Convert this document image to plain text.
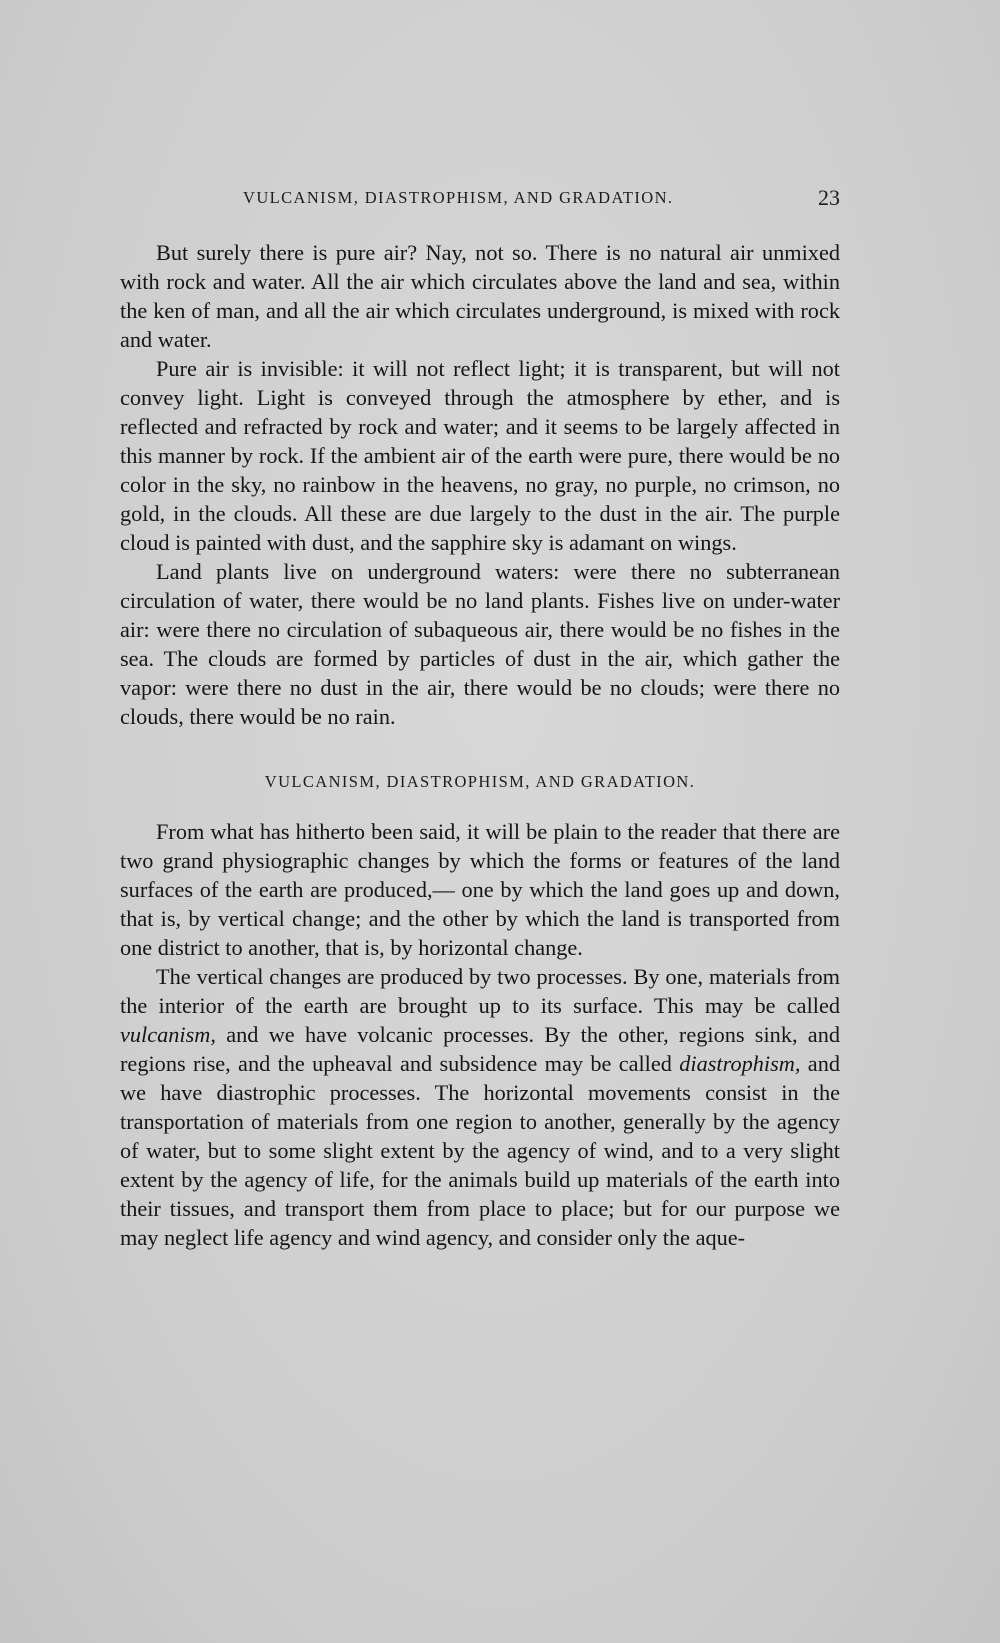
VULCANISM, DIASTROPHISM, AND GRADATION.	23

But surely there is pure air? Nay, not so. There is no natural air unmixed with rock and water. All the air which circulates above the land and sea, within the ken of man, and all the air which circulates underground, is mixed with rock and water.

Pure air is invisible: it will not reflect light; it is transparent, but will not convey light. Light is conveyed through the atmosphere by ether, and is reflected and refracted by rock and water; and it seems to be largely affected in this manner by rock. If the ambient air of the earth were pure, there would be no color in the sky, no rainbow in the heavens, no gray, no purple, no crimson, no gold, in the clouds. All these are due largely to the dust in the air. The purple cloud is painted with dust, and the sapphire sky is adamant on wings.

Land plants live on underground waters: were there no subterranean circulation of water, there would be no land plants. Fishes live on under-water air: were there no circulation of subaqueous air, there would be no fishes in the sea. The clouds are formed by particles of dust in the air, which gather the vapor: were there no dust in the air, there would be no clouds; were there no clouds, there would be no rain.

VULCANISM, DIASTROPHISM, AND GRADATION.

From what has hitherto been said, it will be plain to the reader that there are two grand physiographic changes by which the forms or features of the land surfaces of the earth are produced,— one by which the land goes up and down, that is, by vertical change; and the other by which the land is transported from one district to another, that is, by horizontal change.

The vertical changes are produced by two processes. By one, materials from the interior of the earth are brought up to its surface. This may be called vulcanism, and we have volcanic processes. By the other, regions sink, and regions rise, and the upheaval and subsidence may be called diastrophism, and we have diastrophic processes. The horizontal movements consist in the transportation of materials from one region to another, generally by the agency of water, but to some slight extent by the agency of wind, and to a very slight extent by the agency of life, for the animals build up materials of the earth into their tissues, and transport them from place to place; but for our purpose we may neglect life agency and wind agency, and consider only the aque-
